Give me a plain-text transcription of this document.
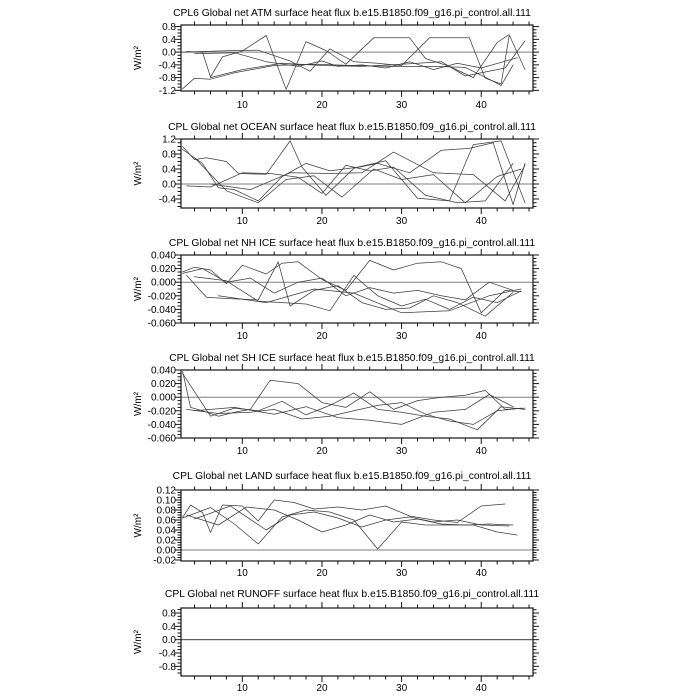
CPL6 Global net ATM surface heat flux b.e15.B1850.f09_g16.pi_control.all.111
W/m²
10	20	30	40
0.8
0.4
0.0
-0.4
-0.8
-1.2
CPL Global net OCEAN surface heat flux b.e15.B1850.f09_g16.pi_control.all.111
W/m²
10	20	30	40
1.2
0.8
0.4
0.0
-0.4
CPL Global net NH ICE surface heat flux b.e15.B1850.f09_g16.pi_control.all.111
W/m²
10	20	30	40
0.040
0.020
0.000
-0.020
-0.040
-0.060
CPL Global net SH ICE surface heat flux b.e15.B1850.f09_g16.pi_control.all.111
W/m²
10	20	30	40
0.040
0.020
0.000
-0.020
-0.040
-0.060
CPL Global net LAND surface heat flux b.e15.B1850.f09_g16.pi_control.all.111
W/m²
10	20	30	40
0.12
0.10
0.08
0.06
0.04
0.02
0.00
-0.02
CPL Global net RUNOFF surface heat flux b.e15.B1850.f09_g16.pi_control.all.111
W/m²
10	20	30	40
0.8
0.4
0.0
-0.4
-0.8
